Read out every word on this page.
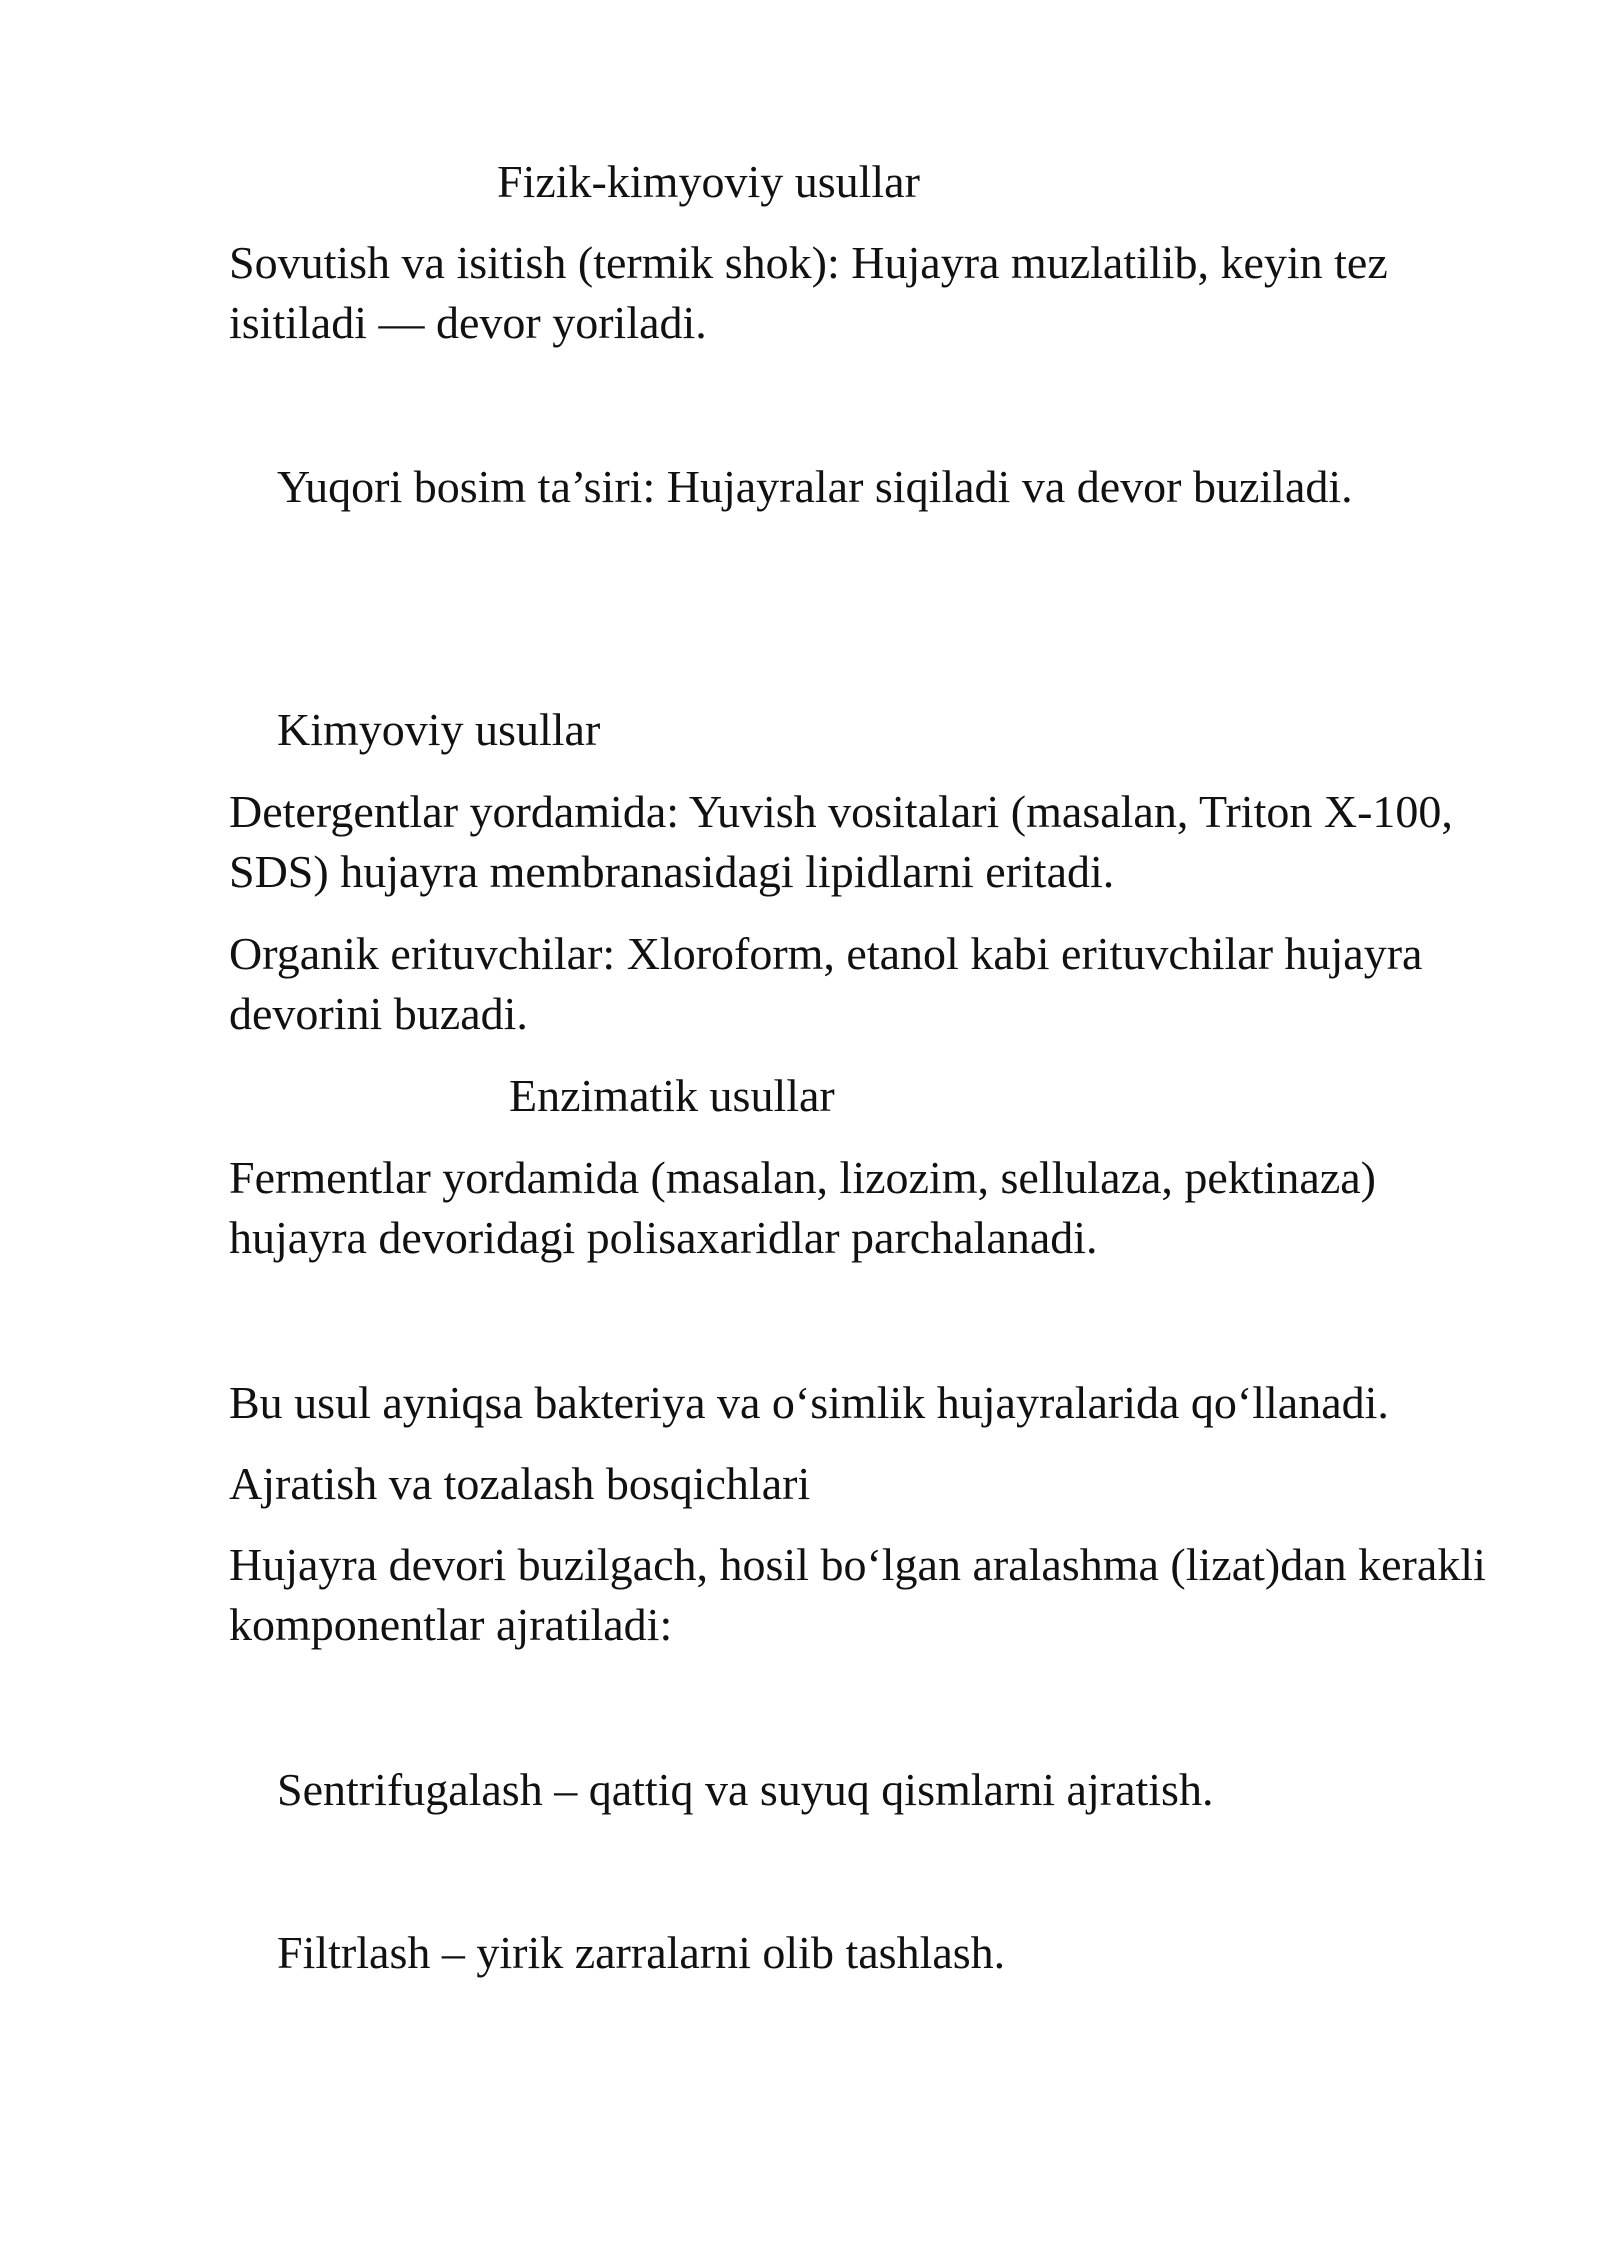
Fizik-kimyoviy usullar

Sovutish va isitish (termik shok): Hujayra muzlatilib, keyin tez isitiladi — devor yoriladi.

Yuqori bosim ta’siri: Hujayralar siqiladi va devor buziladi.

Kimyoviy usullar

Detergentlar yordamida: Yuvish vositalari (masalan, Triton X-100, SDS) hujayra membranasidagi lipidlarni eritadi.

Organik erituvchilar: Xloroform, etanol kabi erituvchilar hujayra devorini buzadi.

Enzimatik usullar

Fermentlar yordamida (masalan, lizozim, sellulaza, pektinaza) hujayra devoridagi polisaxaridlar parchalanadi.

Bu usul ayniqsa bakteriya va o‘simlik hujayralarida qo‘llanadi.

Ajratish va tozalash bosqichlari

Hujayra devori buzilgach, hosil bo‘lgan aralashma (lizat)dan kerakli komponentlar ajratiladi:

Sentrifugalash – qattiq va suyuq qismlarni ajratish.

Filtrlash – yirik zarralarni olib tashlash.
